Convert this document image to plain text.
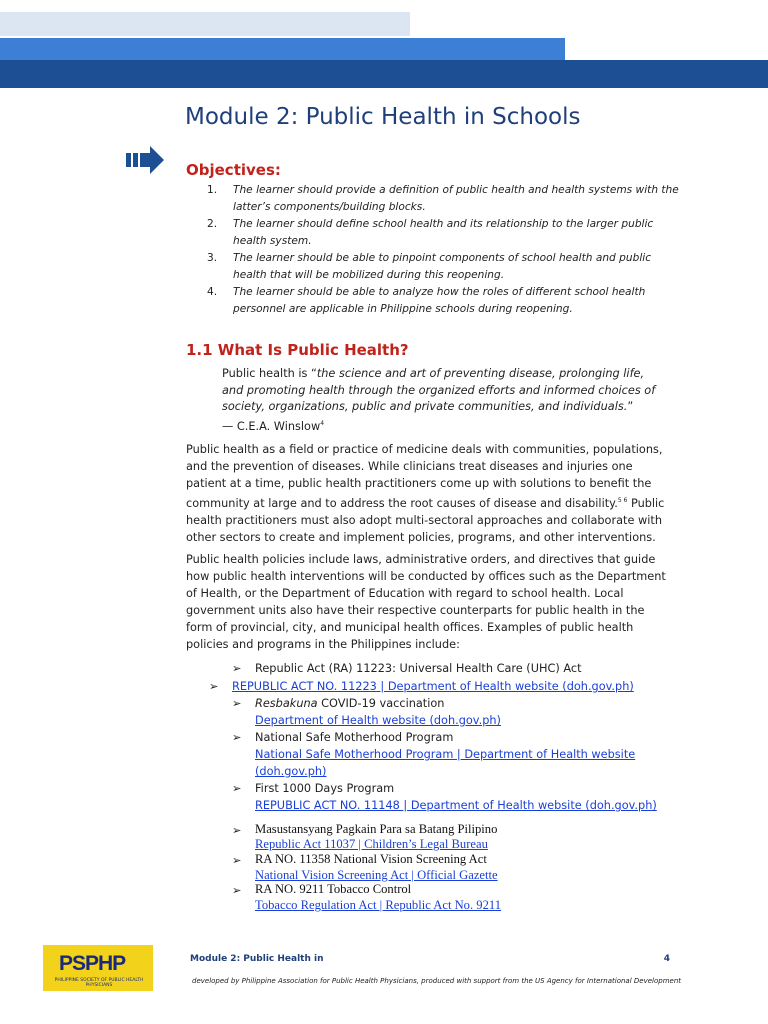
Module 2: Public Health in Schools
Objectives:
1. The learner should provide a definition of public health and health systems with the latter’s components/building blocks.
2. The learner should define school health and its relationship to the larger public health system.
3. The learner should be able to pinpoint components of school health and public health that will be mobilized during this reopening.
4. The learner should be able to analyze how the roles of different school health personnel are applicable in Philippine schools during reopening.
1.1 What Is Public Health?
Public health is “the science and art of preventing disease, prolonging life, and promoting health through the organized efforts and informed choices of society, organizations, public and private communities, and individuals.”
— C.E.A. Winslow$^4$
Public health as a field or practice of medicine deals with communities, populations, and the prevention of diseases. While clinicians treat diseases and injuries one patient at a time, public health practitioners come up with solutions to benefit the community at large and to address the root causes of disease and disability.$^{5 6}$ Public health practitioners must also adopt multi-sectoral approaches and collaborate with other sectors to create and implement policies, programs, and other interventions.
Public health policies include laws, administrative orders, and directives that guide how public health interventions will be conducted by offices such as the Department of Health, or the Department of Education with regard to school health. Local government units also have their respective counterparts for public health in the form of provincial, city, and municipal health offices. Examples of public health policies and programs in the Philippines include:
➢ Republic Act (RA) 11223: Universal Health Care (UHC) Act
➢ REPUBLIC ACT NO. 11223 | Department of Health website (doh.gov.ph)
➢ Resbakuna COVID-19 vaccination
Department of Health website (doh.gov.ph)
➢ National Safe Motherhood Program
National Safe Motherhood Program | Department of Health website
(doh.gov.ph)
➢ First 1000 Days Program
REPUBLIC ACT NO. 11148 | Department of Health website (doh.gov.ph)
➢ Masustansyang Pagkain Para sa Batang Pilipino
Republic Act 11037 | Children’s Legal Bureau
➢ RA NO. 11358 National Vision Screening Act
National Vision Screening Act | Official Gazette
➢ RA NO. 9211 Tobacco Control
Tobacco Regulation Act | Republic Act No. 9211
PSPHP
PHILIPPINE SOCIETY OF PUBLIC HEALTH PHYSICIANS
Module 2: Public Health in	4
developed by Philippine Association for Public Health Physicians, produced with support from the US Agency for International Development
